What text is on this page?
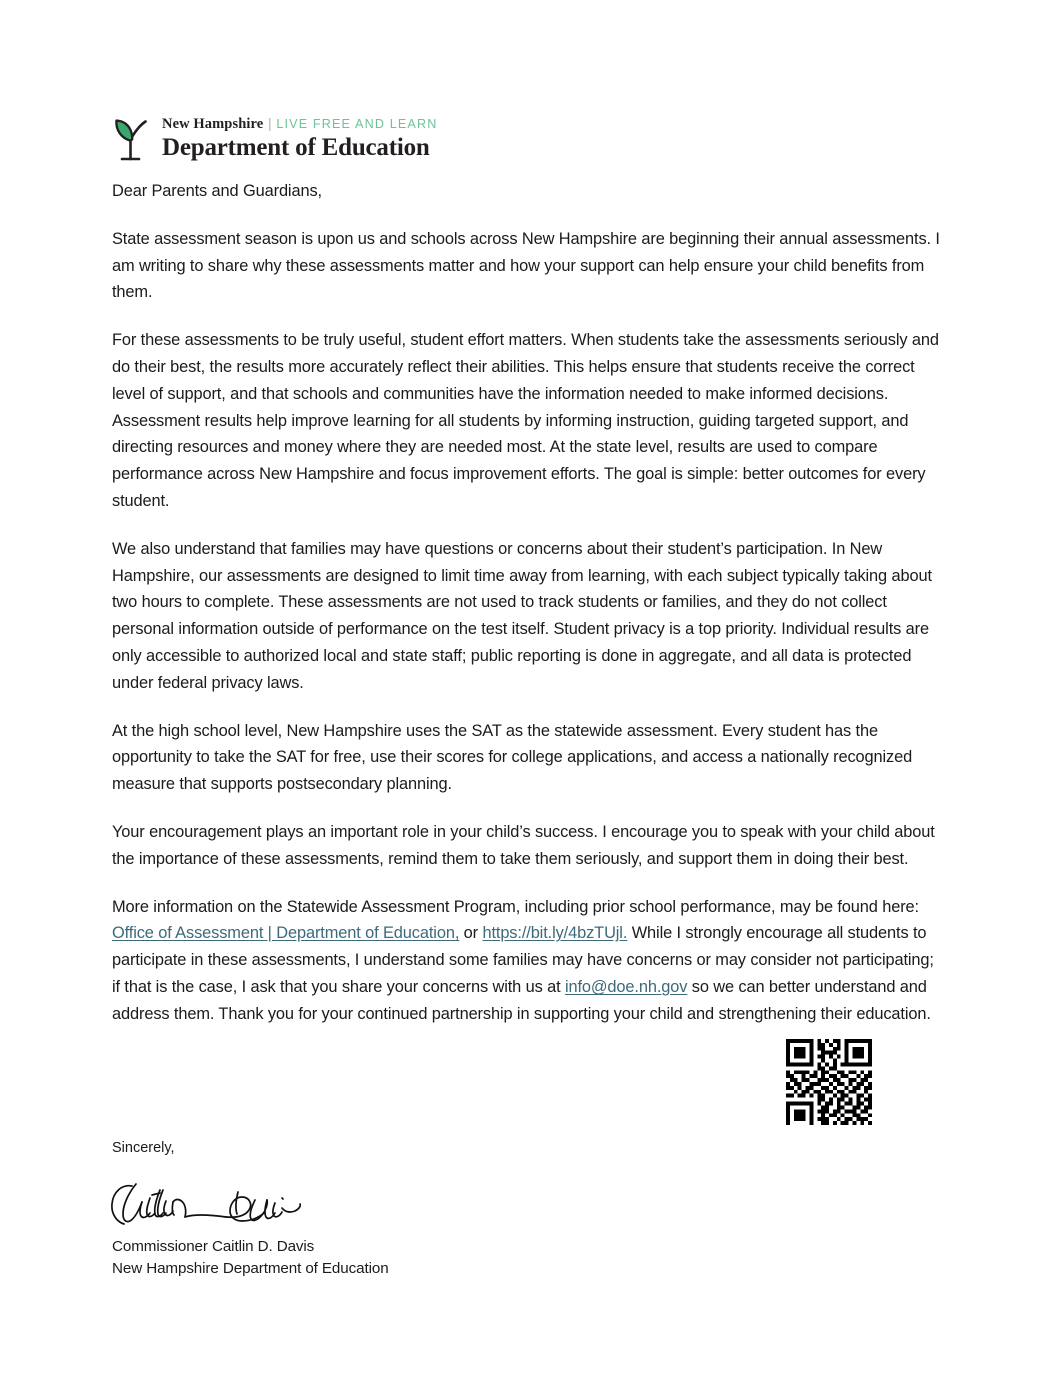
New Hampshire | LIVE FREE AND LEARN
Department of Education

Dear Parents and Guardians,

State assessment season is upon us and schools across New Hampshire are beginning their annual assessments. I am writing to share why these assessments matter and how your support can help ensure your child benefits from them.

For these assessments to be truly useful, student effort matters. When students take the assessments seriously and do their best, the results more accurately reflect their abilities. This helps ensure that students receive the correct level of support, and that schools and communities have the information needed to make informed decisions. Assessment results help improve learning for all students by informing instruction, guiding targeted support, and directing resources and money where they are needed most. At the state level, results are used to compare performance across New Hampshire and focus improvement efforts. The goal is simple: better outcomes for every student.

We also understand that families may have questions or concerns about their student’s participation. In New Hampshire, our assessments are designed to limit time away from learning, with each subject typically taking about two hours to complete. These assessments are not used to track students or families, and they do not collect personal information outside of performance on the test itself. Student privacy is a top priority. Individual results are only accessible to authorized local and state staff; public reporting is done in aggregate, and all data is protected under federal privacy laws.

At the high school level, New Hampshire uses the SAT as the statewide assessment. Every student has the opportunity to take the SAT for free, use their scores for college applications, and access a nationally recognized measure that supports postsecondary planning.

Your encouragement plays an important role in your child’s success. I encourage you to speak with your child about the importance of these assessments, remind them to take them seriously, and support them in doing their best.

More information on the Statewide Assessment Program, including prior school performance, may be found here: Office of Assessment | Department of Education, or https://bit.ly/4bzTUjl. While I strongly encourage all students to participate in these assessments, I understand some families may have concerns or may consider not participating; if that is the case, I ask that you share your concerns with us at info@doe.nh.gov so we can better understand and address them. Thank you for your continued partnership in supporting your child and strengthening their education.

Sincerely,

Commissioner Caitlin D. Davis

New Hampshire Department of Education
